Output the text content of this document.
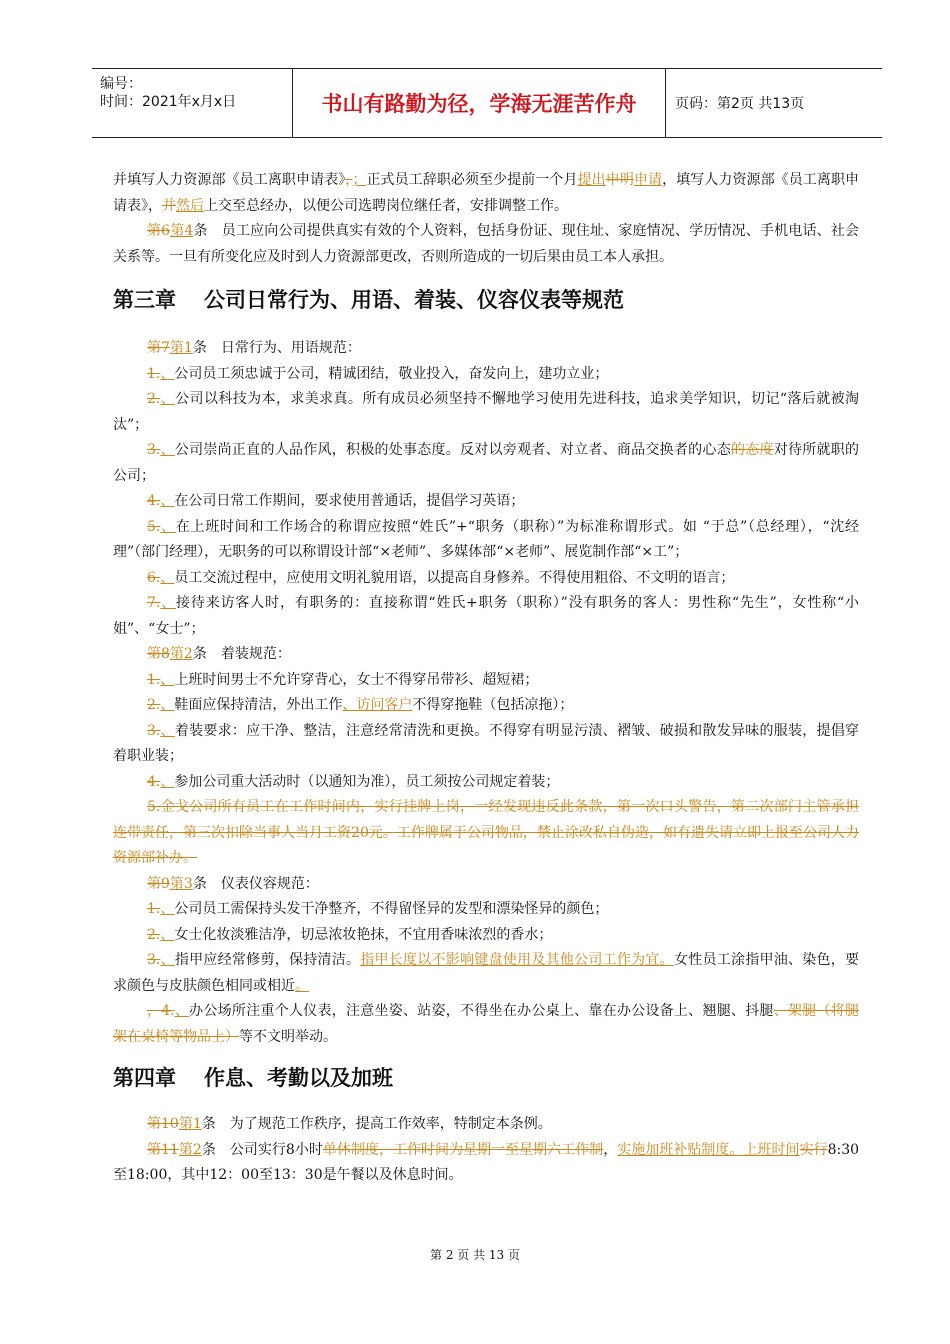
编号：
时间：2021年x月x日	书山有路勤为径，学海无涯苦作舟	页码：第2页 共13页

并填写人力资源部《员工离职申请表》，；正式员工辞职必须至少提前一个月提出申明申请，填写人力资源部《员工离职申请表》，并然后上交至总经办，以便公司选聘岗位继任者，安排调整工作。

第6第4条 员工应向公司提供真实有效的个人资料，包括身份证、现住址、家庭情况、学历情况、手机电话、社会关系等。一旦有所变化应及时到人力资源部更改，否则所造成的一切后果由员工本人承担。

第三章 公司日常行为、用语、着装、仪容仪表等规范

第7第1条 日常行为、用语规范：

1.、公司员工须忠诚于公司，精诚团结，敬业投入，奋发向上，建功立业；

2.、公司以科技为本，求美求真。所有成员必须坚持不懈地学习使用先进科技，追求美学知识，切记“落后就被淘汰”；

3.、公司崇尚正直的人品作风，积极的处事态度。反对以旁观者、对立者、商品交换者的心态的态度对待所就职的公司；

4.、在公司日常工作期间，要求使用普通话，提倡学习英语；

5.、在上班时间和工作场合的称谓应按照“姓氏”+“职务（职称）”为标准称谓形式。如 “于总”（总经理），“沈经理”（部门经理），无职务的可以称谓设计部“×老师”、多媒体部“×老师”、展览制作部“×工”；

6.、员工交流过程中，应使用文明礼貌用语，以提高自身修养。不得使用粗俗、不文明的语言；

7.、接待来访客人时，有职务的：直接称谓“姓氏+职务（职称）”没有职务的客人：男性称“先生”，女性称“小姐”、“女士”；

第8第2条 着装规范：

1.、上班时间男士不允许穿背心，女士不得穿吊带衫、超短裙；

2.、鞋面应保持清洁，外出工作、访问客户不得穿拖鞋（包括凉拖）；

3.、着装要求：应干净、整洁，注意经常清洗和更换。不得穿有明显污渍、褶皱、破损和散发异味的服装，提倡穿着职业装；

4.、参加公司重大活动时（以通知为准），员工须按公司规定着装；

5.金戈公司所有员工在工作时间内，实行挂牌上岗，一经发现违反此条款，第一次口头警告，第二次部门主管承担连带责任，第三次扣除当事人当月工资20元。工作牌属于公司物品，禁止涂改私自伪造，如有遗失请立即上报至公司人力资源部补办。

第9第3条 仪表仪容规范：

1.、公司员工需保持头发干净整齐，不得留怪异的发型和漂染怪异的颜色；

2.、女士化妆淡雅洁净，切忌浓妆艳抹，不宜用香味浓烈的香水；

3.、指甲应经常修剪，保持清洁。指甲长度以不影响键盘使用及其他公司工作为宜。女性员工涂指甲油、染色，要求颜色与皮肤颜色相同或相近。

，4.、办公场所注重个人仪表，注意坐姿、站姿，不得坐在办公桌上、靠在办公设备上、翘腿、抖腿、架腿（将腿架在桌椅等物品上）等不文明举动。

第四章 作息、考勤以及加班

第10第1条 为了规范工作秩序，提高工作效率，特制定本条例。

第11第2条 公司实行8小时单休制度，工作时间为星期一至星期六工作制，实施加班补贴制度。上班时间实行8:30至18:00，其中12：00至13：30是午餐以及休息时间。

第 2 页 共 13 页
